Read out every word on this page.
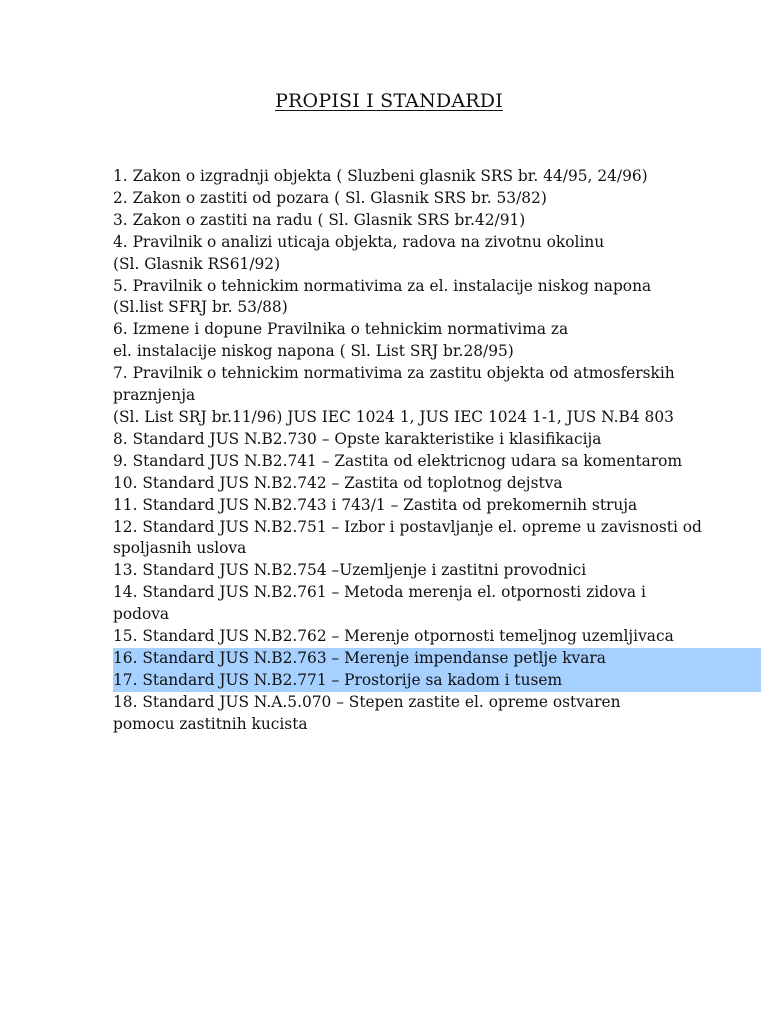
PROPISI I STANDARDI
1. Zakon o izgradnji objekta ( Sluzbeni glasnik SRS br. 44/95, 24/96)
2. Zakon o zastiti od pozara ( Sl. Glasnik SRS br. 53/82)
3. Zakon o zastiti na radu ( Sl. Glasnik SRS br.42/91)
4. Pravilnik o analizi uticaja objekta, radova na zivotnu okolinu
(Sl. Glasnik RS61/92)
5. Pravilnik o tehnickim normativima za el. instalacije niskog napona
(Sl.list SFRJ br. 53/88)
6. Izmene i dopune Pravilnika o tehnickim normativima za
el. instalacije niskog napona ( Sl. List SRJ br.28/95)
7. Pravilnik o tehnickim normativima za zastitu objekta od atmosferskih
praznjenja
(Sl. List SRJ br.11/96) JUS IEC 1024 1, JUS IEC 1024 1-1, JUS N.B4 803
8. Standard JUS N.B2.730 – Opste karakteristike i klasifikacija
9. Standard JUS N.B2.741 – Zastita od elektricnog udara sa komentarom
10. Standard JUS N.B2.742 – Zastita od toplotnog dejstva
11. Standard JUS N.B2.743 i 743/1 – Zastita od prekomernih struja
12. Standard JUS N.B2.751 – Izbor i postavljanje el. opreme u zavisnosti od
spoljasnih uslova
13. Standard JUS N.B2.754 –Uzemljenje i zastitni provodnici
14. Standard JUS N.B2.761 – Metoda merenja el. otpornosti zidova i
podova
15. Standard JUS N.B2.762 – Merenje otpornosti temeljnog uzemljivaca
16. Standard JUS N.B2.763 – Merenje impendanse petlje kvara
17. Standard JUS N.B2.771 – Prostorije sa kadom i tusem
18. Standard JUS N.A.5.070 – Stepen zastite el. opreme ostvaren
pomocu zastitnih kucista
